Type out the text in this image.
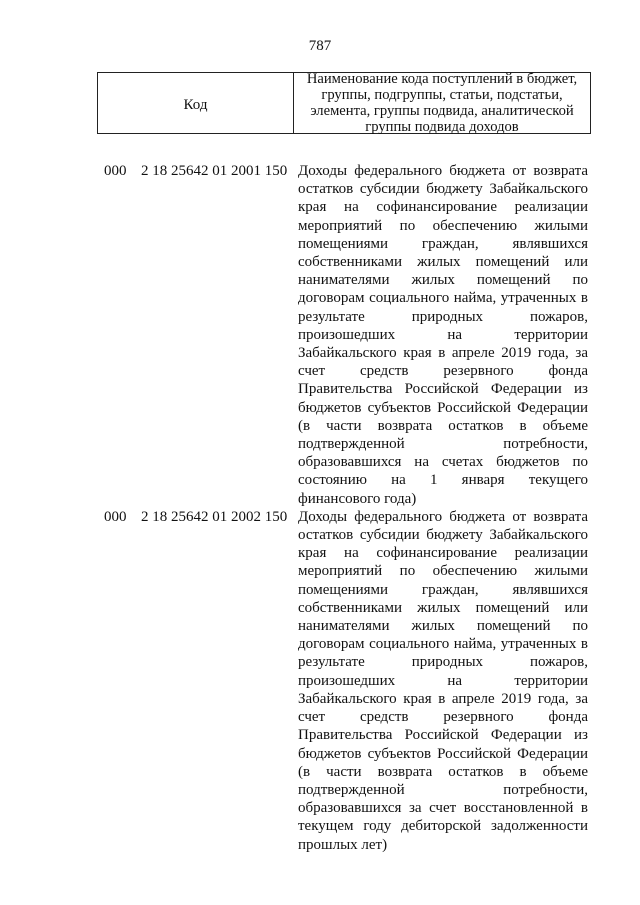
787
Код
Наименование кода поступлений в бюджет, группы, подгруппы, статьи, подстатьи, элемента, группы подвида, аналитической группы подвида доходов
000 2 18 25642 01 2001 150 Доходы федерального бюджета от возврата
остатков субсидии бюджету Забайкальского
края на софинансирование реализации
мероприятий по обеспечению жилыми
помещениями граждан, являвшихся
собственниками жилых помещений или
нанимателями жилых помещений по
договорам социального найма, утраченных в
результате природных пожаров,
произошедших на территории
Забайкальского края в апреле 2019 года, за
счет средств резервного фонда
Правительства Российской Федерации из
бюджетов субъектов Российской Федерации
(в части возврата остатков в объеме
подтвержденной потребности,
образовавшихся на счетах бюджетов по
состоянию на 1 января текущего
финансового года)
000 2 18 25642 01 2002 150 Доходы федерального бюджета от возврата
остатков субсидии бюджету Забайкальского
края на софинансирование реализации
мероприятий по обеспечению жилыми
помещениями граждан, являвшихся
собственниками жилых помещений или
нанимателями жилых помещений по
договорам социального найма, утраченных в
результате природных пожаров,
произошедших на территории
Забайкальского края в апреле 2019 года, за
счет средств резервного фонда
Правительства Российской Федерации из
бюджетов субъектов Российской Федерации
(в части возврата остатков в объеме
подтвержденной потребности,
образовавшихся за счет восстановленной в
текущем году дебиторской задолженности
прошлых лет)
